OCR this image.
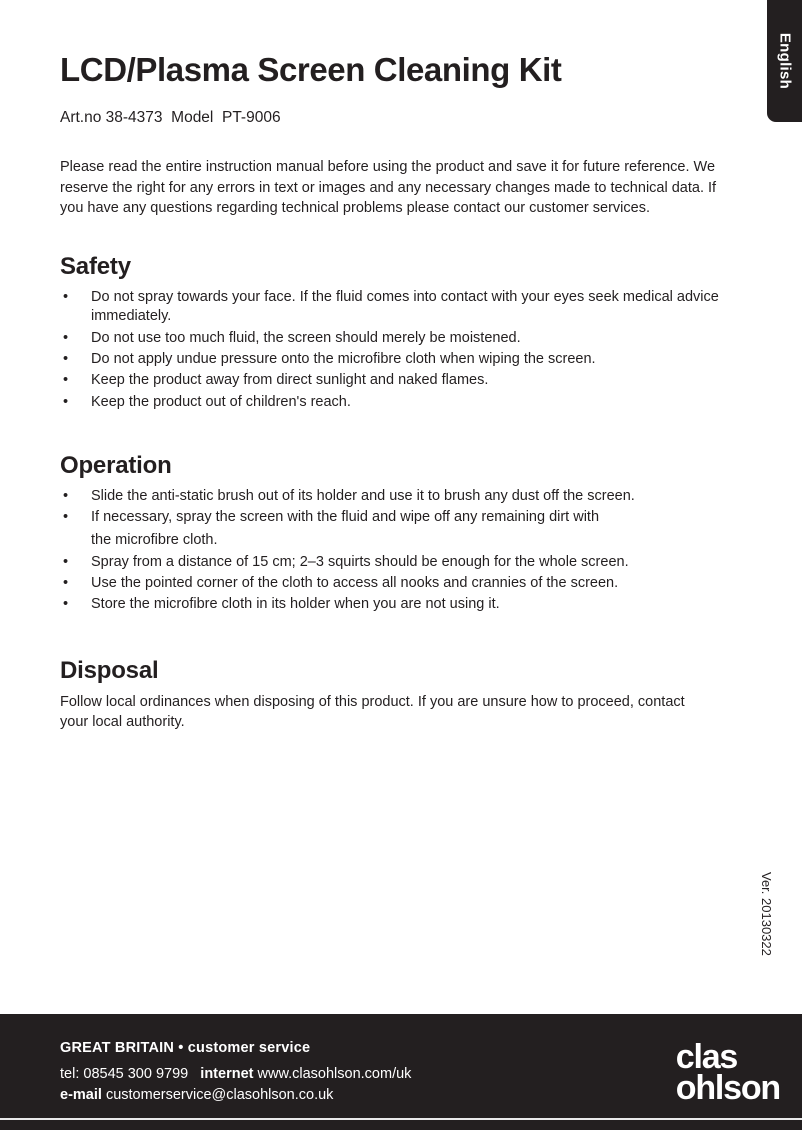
English
Ver. 20130322
LCD/Plasma Screen Cleaning Kit

Art.no 38-4373  Model  PT-9006

Please read the entire instruction manual before using the product and save it for future reference. We reserve the right for any errors in text or images and any necessary changes made to technical data. If you have any questions regarding technical problems please contact our customer services.

Safety
• Do not spray towards your face. If the fluid comes into contact with your eyes seek medical advice immediately.
• Do not use too much fluid, the screen should merely be moistened.
• Do not apply undue pressure onto the microfibre cloth when wiping the screen.
• Keep the product away from direct sunlight and naked flames.
• Keep the product out of children's reach.
Operation
• Slide the anti-static brush out of its holder and use it to brush any dust off the screen.
• If necessary, spray the screen with the fluid and wipe off any remaining dirt with
the microfibre cloth.
• Spray from a distance of 15 cm; 2–3 squirts should be enough for the whole screen.
• Use the pointed corner of the cloth to access all nooks and crannies of the screen.
• Store the microfibre cloth in its holder when you are not using it.
Disposal

Follow local ordinances when disposing of this product. If you are unsure how to proceed, contact your local authority.

GREAT BRITAIN • customer service
tel: 08545 300 9799 internet www.clasohlson.com/uk
e-mail customerservice@clasohlson.co.uk
clas
ohlson
